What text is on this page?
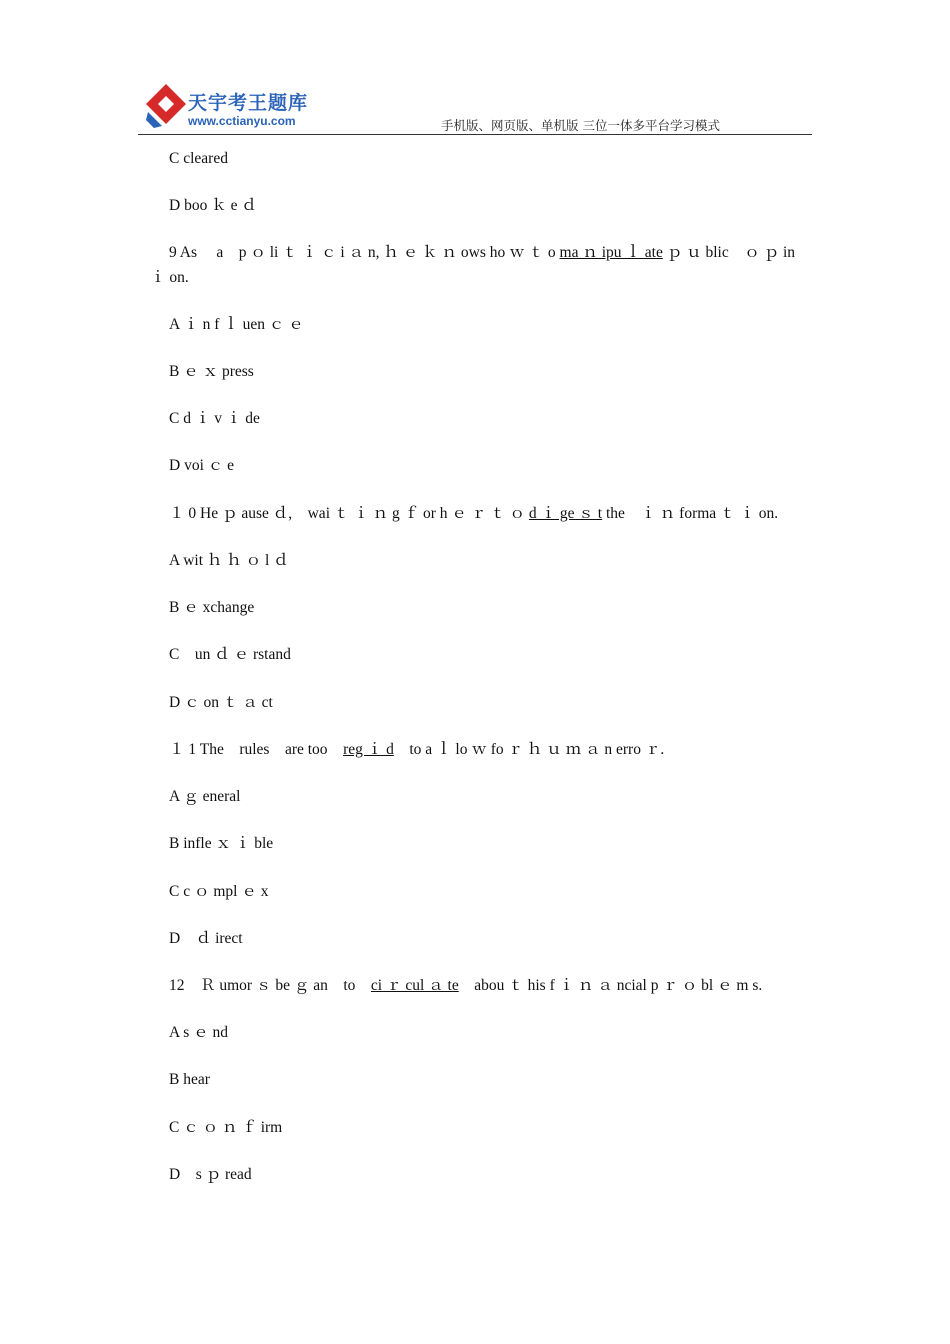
天宇考王题库
www.cctianyu.com	手机版、网页版、单机版 三位一体多平台学习模式
C cleared
D boo ｋ e ｄ
9 As　 a　p ｏ li ｔ ｉ ｃ i ａ n, ｈ ｅ ｋ ｎ ows ho ｗ ｔ o ma ｎ ipu ｌ ate ｐ ｕ blic　ｏ ｐ in
ｉ on.
A ｉ n f ｌ uen ｃ ｅ
B ｅ ｘ press
C d ｉ v ｉ de
D voi ｃ e
１ 0 He ｐ ause ｄ,　wai ｔ ｉ ｎ g ｆ or h ｅ ｒ ｔ ｏ d ｉ ge ｓ t the　ｉ ｎ forma ｔ ｉ on.
A wit ｈ ｈ ｏ l ｄ
B ｅ xchange
C　un ｄ ｅ rstand
D ｃ on ｔ ａ ct
１ 1 The　rules　are too　reg ｉ d　to a ｌ lo ｗ fo ｒ ｈ ｕ ｍ ａ n erro ｒ.
A ｇ eneral
B infle ｘ ｉ ble
C c ｏ mpl ｅ x
D　ｄ irect
12　Ｒ umor ｓ be ｇ an　to　ci ｒ cul ａ te　abou ｔ his f ｉ ｎ ａ ncial p ｒ ｏ bl ｅ m s.
A s ｅ nd
B hear
C ｃ ｏ ｎ ｆ irm
D　s ｐ read
